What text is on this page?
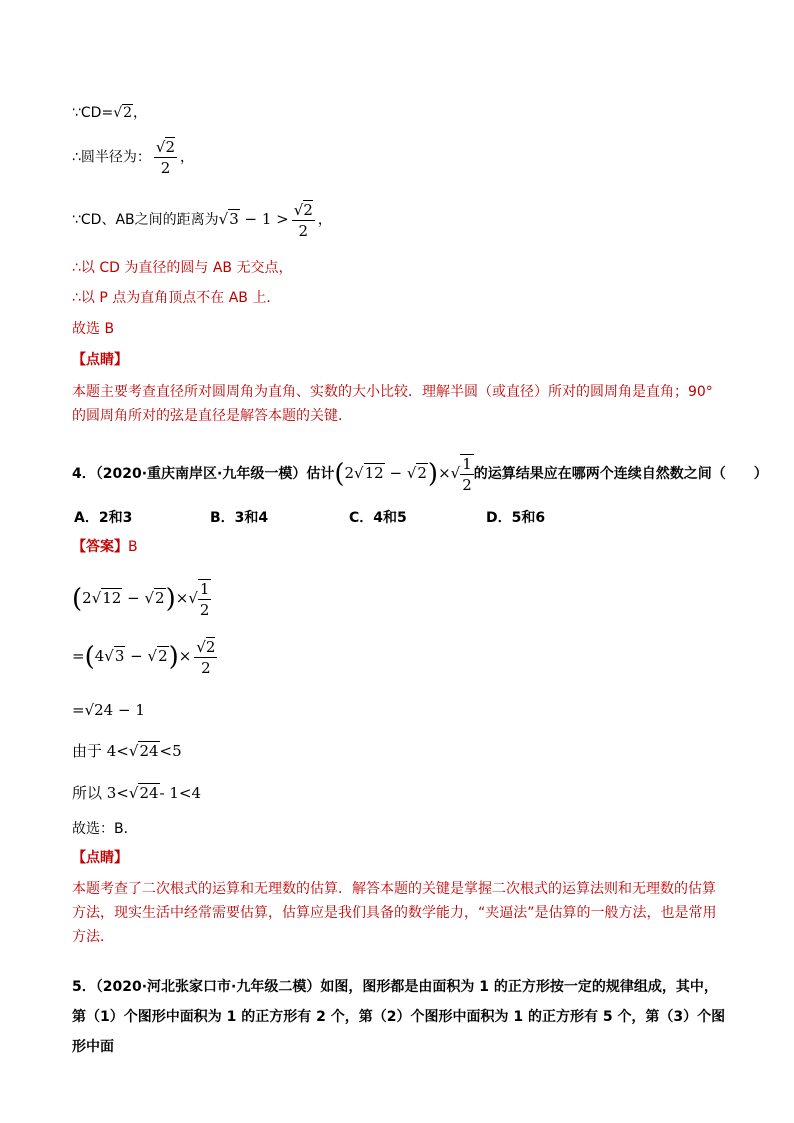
∵CD=√2，
∴圆半径为： $\frac{√2}{2}$ ，
∵CD、AB之间的距离为$√3 - 1 > \frac{√2}{2}$ ，
∴以 CD 为直径的圆与 AB 无交点，
∴以 P 点为直角顶点不在 AB 上．
故选 B
【点睛】
本题主要考查直径所对圆周角为直角、实数的大小比较．理解半圆（或直径）所对的圆周角是直角；90° 的圆周角所对的弦是直径是解答本题的关键．
4．（2020·重庆南岸区·九年级一模）估计$(2√12 - √2)\times√ \frac{1}{2}$ 的运算结果应在哪两个连续自然数之间（　　）
A．2和3	B．3和4	C．4和5	D．5和6
【答案】B
$(2√12 - √2)\times√ \frac{1}{2}$
$=(4√3 - √2)\times \frac{√2}{2}$
=√24 − 1
由于 4<√24<5
所以 3<√24- 1<4
故选：B．
【点睛】
本题考查了二次根式的运算和无理数的估算．解答本题的关键是掌握二次根式的运算法则和无理数的估算方法，现实生活中经常需要估算，估算应是我们具备的数学能力，“夹逼法”是估算的一般方法，也是常用方法．
5．（2020·河北张家口市·九年级二模）如图，图形都是由面积为 1 的正方形按一定的规律组成，其中，第（1）个图形中面积为 1 的正方形有 2 个，第（2）个图形中面积为 1 的正方形有 5 个，第（3）个图形中面
